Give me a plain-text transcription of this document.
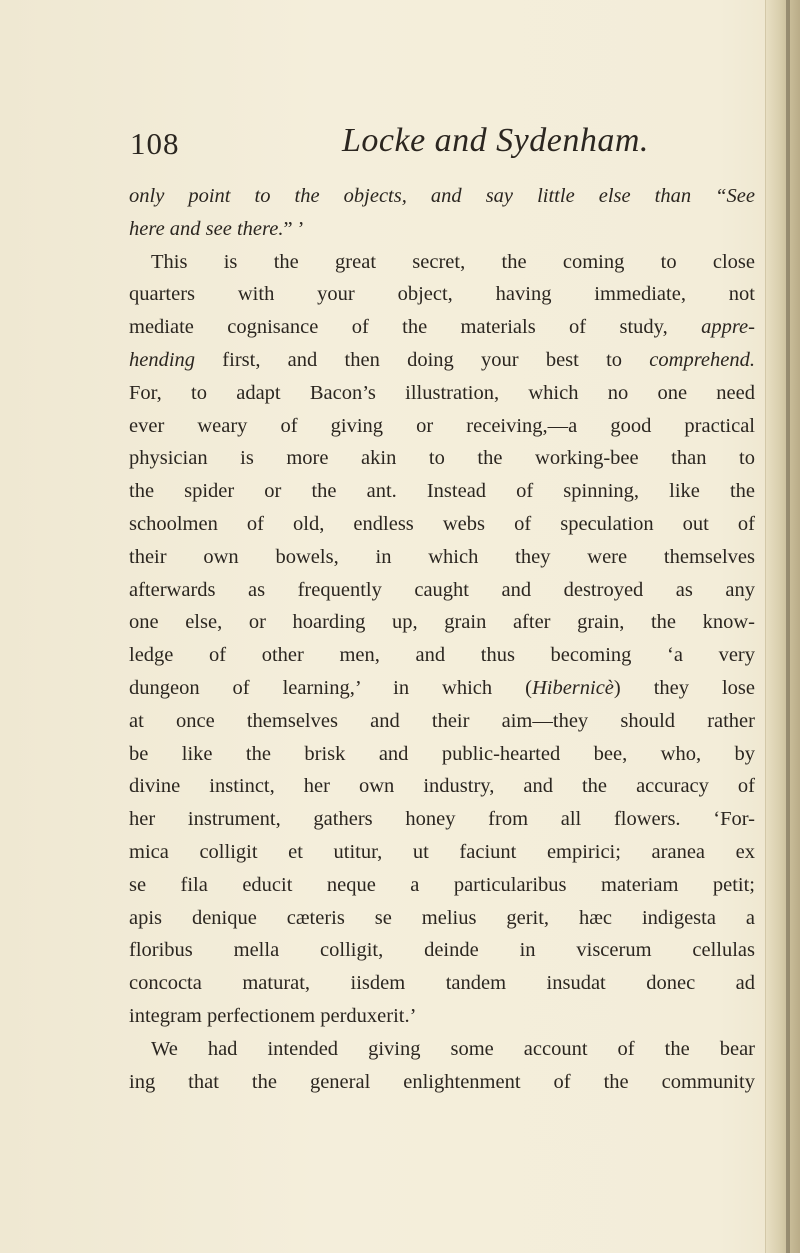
108	Locke and Sydenham.
only point to the objects, and say little else than “See
here and see there.” ’
This is the great secret, the coming to close
quarters with your object, having immediate, not
mediate cognisance of the materials of study, appre-
hending first, and then doing your best to comprehend.
For, to adapt Bacon’s illustration, which no one need
ever weary of giving or receiving,—a good practical
physician is more akin to the working-bee than to
the spider or the ant. Instead of spinning, like the
schoolmen of old, endless webs of speculation out of
their own bowels, in which they were themselves
afterwards as frequently caught and destroyed as any
one else, or hoarding up, grain after grain, the know-
ledge of other men, and thus becoming ‘a very
dungeon of learning,’ in which (Hibernicè) they lose
at once themselves and their aim—they should rather
be like the brisk and public-hearted bee, who, by
divine instinct, her own industry, and the accuracy of
her instrument, gathers honey from all flowers. ‘For-
mica colligit et utitur, ut faciunt empirici; aranea ex
se fila educit neque a particularibus materiam petit;
apis denique cæteris se melius gerit, hæc indigesta a
floribus mella colligit, deinde in viscerum cellulas
concocta maturat, iisdem tandem insudat donec ad
integram perfectionem perduxerit.’
We had intended giving some account of the bear
ing that the general enlightenment of the community
